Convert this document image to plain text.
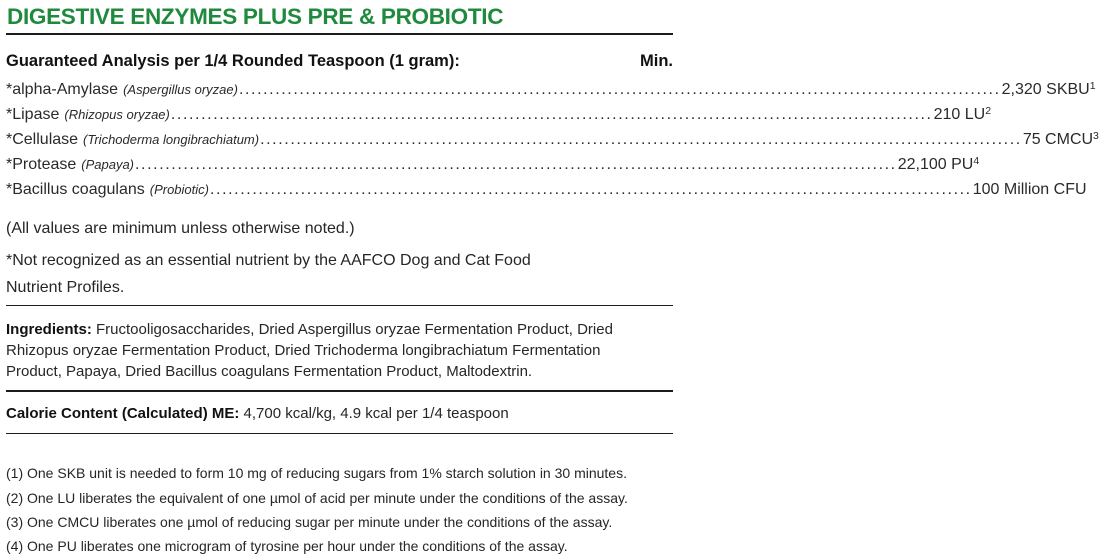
DIGESTIVE ENZYMES PLUS PRE & PROBIOTIC
Guaranteed Analysis per 1/4 Rounded Teaspoon (1 gram):	Min.
*alpha-Amylase (Aspergillus oryzae) .....	2,320 SKBU$^1$
*Lipase (Rhizopus oryzae) .....	210 $LU^2$
*Cellulase (Trichoderma longibrachiatum) .....	75 CMCU$^3$
*Protease (Papaya) .....	22,100 $PU^4$
*Bacillus coagulans (Probiotic) .....	100 Million CFU

(All values are minimum unless otherwise noted.)

*Not recognized as an essential nutrient by the AAFCO Dog and Cat Food Nutrient Profiles.

Ingredients: Fructooligosaccharides, Dried Aspergillus oryzae Fermentation Product, Dried Rhizopus oryzae Fermentation Product, Dried Trichoderma longibrachiatum Fermentation Product, Papaya, Dried Bacillus coagulans Fermentation Product, Maltodextrin.

Calorie Content (Calculated) ME: 4,700 kcal/kg, 4.9 kcal per 1/4 teaspoon

(1) One SKB unit is needed to form 10 mg of reducing sugars from 1% starch solution in 30 minutes.

(2) One LU liberates the equivalent of one µmol of acid per minute under the conditions of the assay.

(3) One CMCU liberates one µmol of reducing sugar per minute under the conditions of the assay.

(4) One PU liberates one microgram of tyrosine per hour under the conditions of the assay.
